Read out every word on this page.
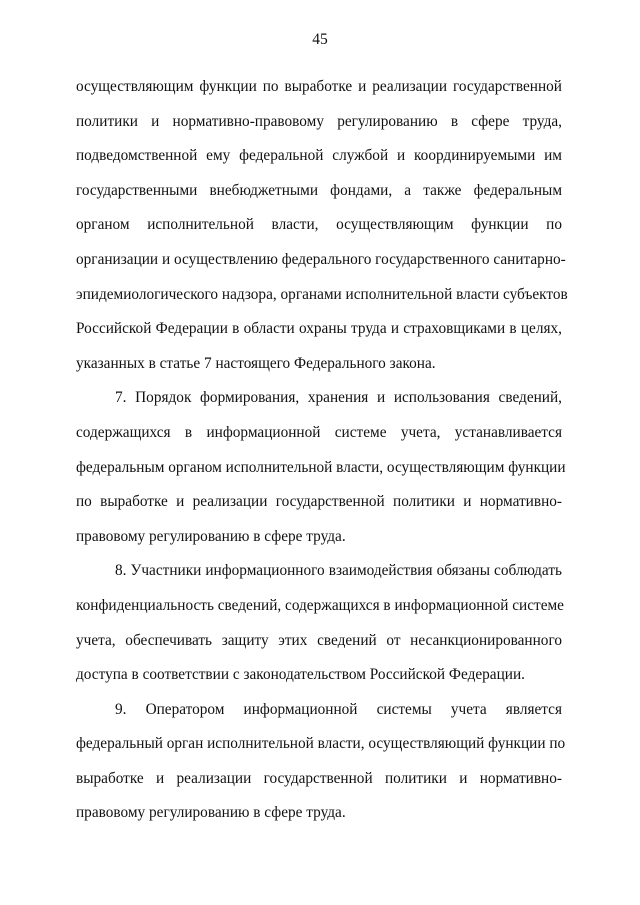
45

осуществляющим функции по выработке и реализации государственной
политики и нормативно-правовому регулированию в сфере труда,
подведомственной ему федеральной службой и координируемыми им
государственными внебюджетными фондами, а также федеральным
органом исполнительной власти, осуществляющим функции по
организации и осуществлению федерального государственного санитарно-
эпидемиологического надзора, органами исполнительной власти субъектов
Российской Федерации в области охраны труда и страховщиками в целях,
указанных в статье 7 настоящего Федерального закона.

7. Порядок формирования, хранения и использования сведений,
содержащихся в информационной системе учета, устанавливается
федеральным органом исполнительной власти, осуществляющим функции
по выработке и реализации государственной политики и нормативно-
правовому регулированию в сфере труда.

8. Участники информационного взаимодействия обязаны соблюдать
конфиденциальность сведений, содержащихся в информационной системе
учета, обеспечивать защиту этих сведений от несанкционированного
доступа в соответствии с законодательством Российской Федерации.

9. Оператором информационной системы учета является
федеральный орган исполнительной власти, осуществляющий функции по
выработке и реализации государственной политики и нормативно-
правовому регулированию в сфере труда.
